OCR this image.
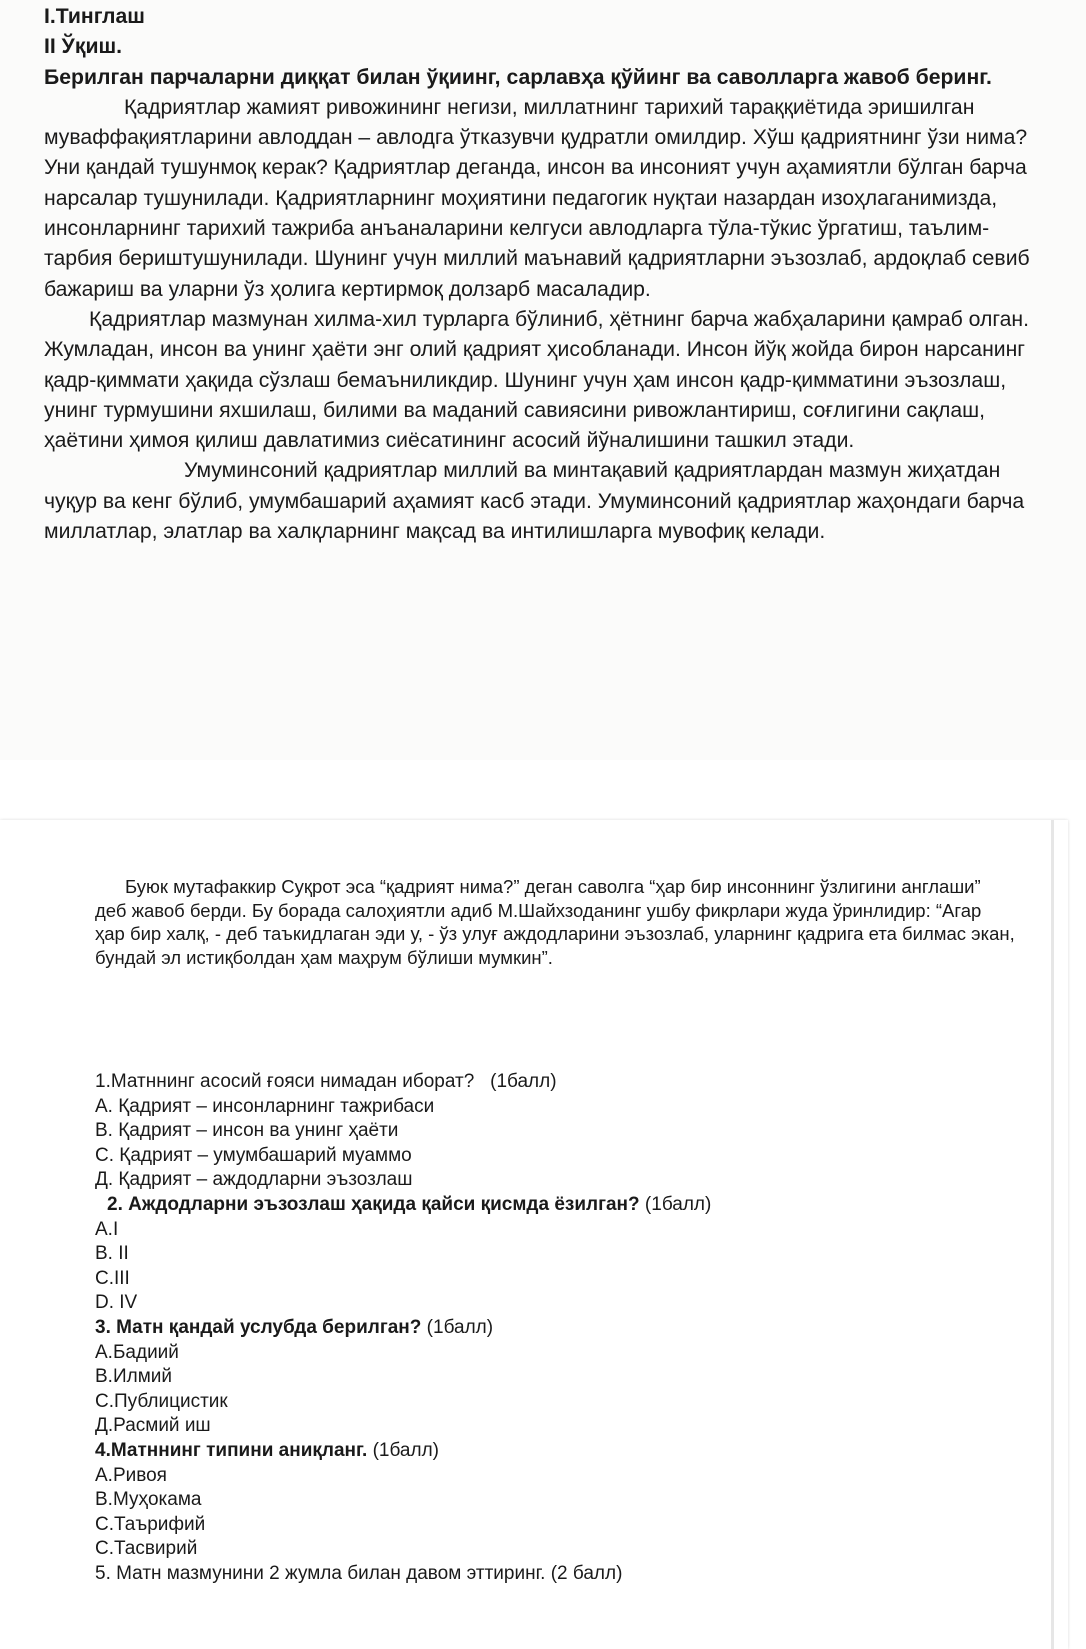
I.Тинглаш

II Ўқиш.

Берилган парчаларни диққат билан ўқиинг, сарлавҳа қўйинг ва саволларга жавоб беринг.

Қадриятлар жамият ривожининг негизи, миллатнинг тарихий тараққиётида эришилган муваффақиятларини авлоддан – авлодга ўтказувчи қудратли омилдир. Хўш қадриятнинг ўзи нима? Уни қандай тушунмоқ керак? Қадриятлар деганда, инсон ва инсоният учун аҳамиятли бўлган барча нарсалар тушунилади. Қадриятларнинг моҳиятини педагогик нуқтаи назардан изоҳлаганимизда, инсонларнинг тарихий тажриба анъаналарини келгуси авлодларга тўла-тўкис ўргатиш, таълим-тарбия бериштушунилади. Шунинг учун миллий маънавий қадриятларни эъзозлаб, ардоқлаб севиб бажариш ва уларни ўз ҳолига кертирмоқ долзарб масаладир.

Қадриятлар мазмунан хилма-хил турларга бўлиниб, ҳётнинг барча жабҳаларини қамраб олган. Жумладан, инсон ва унинг ҳаёти энг олий қадрият ҳисобланади. Инсон йўқ жойда бирон нарсанинг қадр-қиммати ҳақида сўзлаш бемаъниликдир. Шунинг учун ҳам инсон қадр-қимматини эъзозлаш, унинг турмушини яхшилаш, билими ва маданий савиясини ривожлантириш, соғлигини сақлаш, ҳаётини ҳимоя қилиш давлатимиз сиёсатининг асосий йўналишини ташкил этади.

Умуминсоний қадриятлар миллий ва минтақавий қадриятлардан мазмун жиҳатдан чуқур ва кенг бўлиб, умумбашарий аҳамият касб этади. Умуминсоний қадриятлар жаҳондаги барча миллатлар, элатлар ва халқларнинг мақсад ва интилишларга мувофиқ келади.

Буюк мутафаккир Суқрот эса “қадрият нима?” деган саволга “ҳар бир инсоннинг ўзлигини англаши” деб жавоб берди. Бу борада салоҳиятли адиб М.Шайхзоданинг ушбу фикрлари жуда ўринлидир: “Агар ҳар бир халқ, - деб таъкидлаган эди у, - ўз улуғ аждодларини эъзозлаб, уларнинг қадрига ета билмас экан, бундай эл истиқболдан ҳам маҳрум бўлиши мумкин”.

1.Матннинг асосий ғояси нимадан иборат? (1балл)
А. Қадрият – инсонларнинг тажрибаси
В. Қадрият – инсон ва унинг ҳаёти
С. Қадрият – умумбашарий муаммо
Д. Қадрият – аждодларни эъзозлаш
2. Аждодларни эъзозлаш ҳақида қайси қисмда ёзилган? (1балл)
А.I
В. II
С.III
D. IV
3. Матн қандай услубда берилган? (1балл)
А.Бадиий
В.Илмий
С.Публицистик
Д.Расмий иш
4.Матннинг типини аниқланг. (1балл)
А.Ривоя
В.Муҳокама
С.Таърифий
С.Тасвирий
5. Матн мазмунини 2 жумла билан давом эттиринг. (2 балл)
